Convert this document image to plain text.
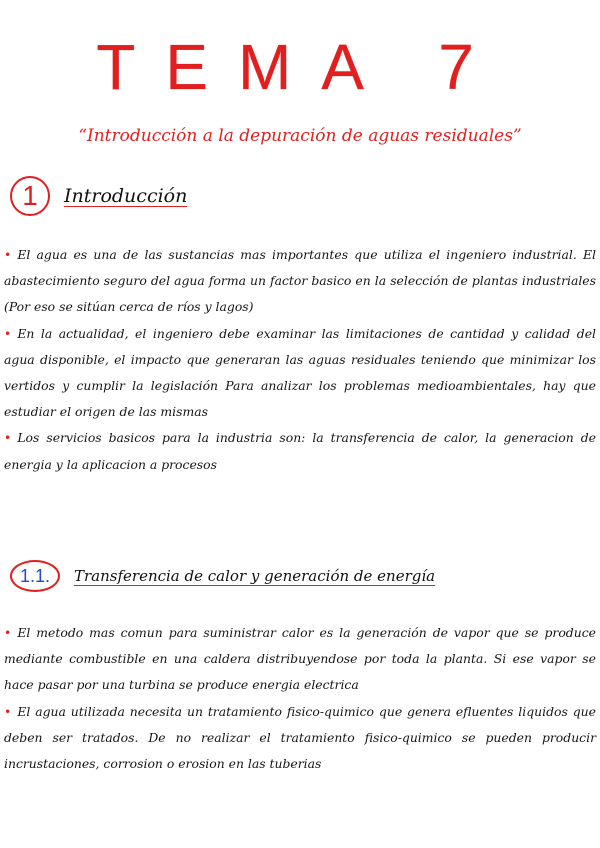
TEMA 7
“Introducción a la depuración de aguas residuales”
1	Introducción
• El agua es una de las sustancias mas importantes que utiliza el ingeniero industrial. El abastecimiento seguro del agua forma un factor basico en la selección de plantas industriales (Por eso se sitúan cerca de ríos y lagos)
• En la actualidad, el ingeniero debe examinar las limitaciones de cantidad y calidad del agua disponible, el impacto que generaran las aguas residuales teniendo que minimizar los vertidos y cumplir la legislación Para analizar los problemas medioambientales, hay que estudiar el origen de las mismas
• Los servicios basicos para la industria son: la transferencia de calor, la generacion de energia y la aplicacion a procesos
1.1.	Transferencia de calor y generación de energía
• El metodo mas comun para suministrar calor es la generación de vapor que se produce mediante combustible en una caldera distribuyendose por toda la planta. Si ese vapor se hace pasar por una turbina se produce energia electrica
• El agua utilizada necesita un tratamiento fisico-quimico que genera efluentes liquidos que deben ser tratados. De no realizar el tratamiento fisico-quimico se pueden producir incrustaciones, corrosion o erosion en las tuberias
